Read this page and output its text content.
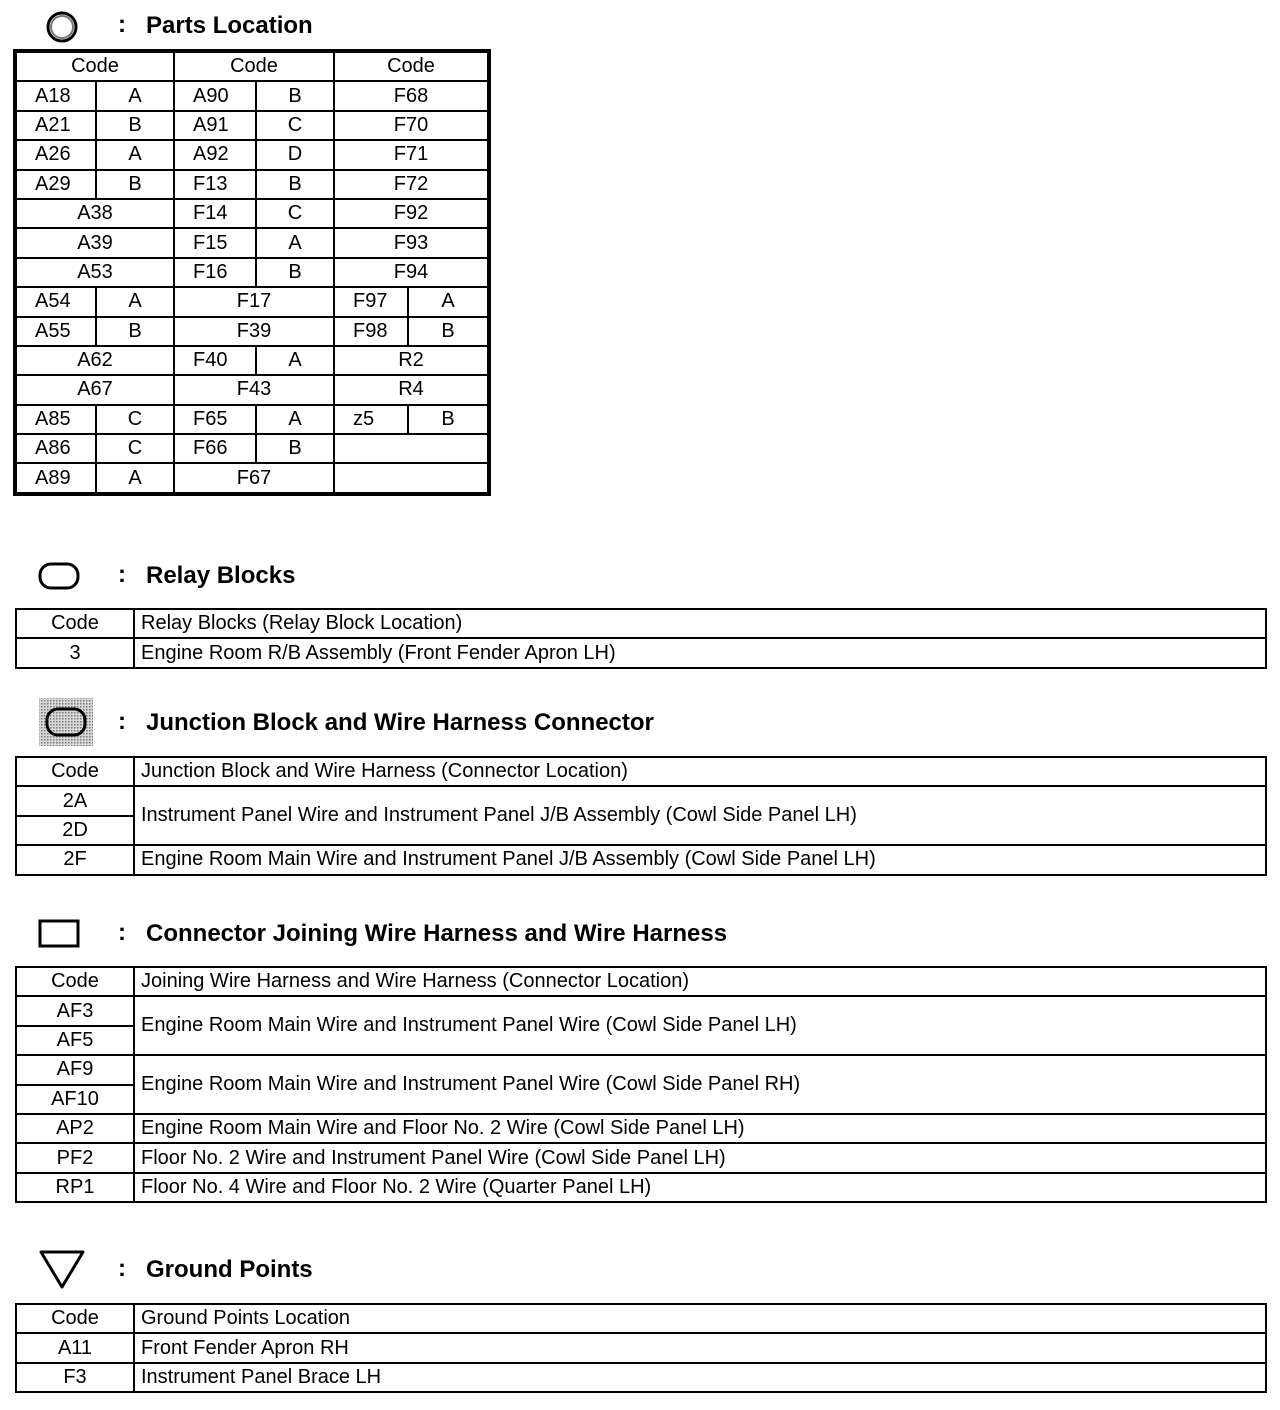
: Parts Location
Code		Code		Code	
A18	A	A90	B	F68	
A21	B	A91	C	F70	
A26	A	A92	D	F71	
A29	B	F13	B	F72	
A38		F14	C	F92	
A39		F15	A	F93	
A53		F16	B	F94	
A54	A	F17		F97	A
A55	B	F39		F98	B
A62		F40	A	R2	
A67		F43		R4	
A85	C	F65	A	z5	B
A86	C	F66	B		
A89	A	F67			
: Relay Blocks
Code	Relay Blocks (Relay Block Location)
3	Engine Room R/B Assembly (Front Fender Apron LH)
: Junction Block and Wire Harness Connector
Code	Junction Block and Wire Harness (Connector Location)
2A	Instrument Panel Wire and Instrument Panel J/B Assembly (Cowl Side Panel LH)
2D	
2F	Engine Room Main Wire and Instrument Panel J/B Assembly (Cowl Side Panel LH)
: Connector Joining Wire Harness and Wire Harness
Code	Joining Wire Harness and Wire Harness (Connector Location)
AF3	Engine Room Main Wire and Instrument Panel Wire (Cowl Side Panel LH)
AF5	
AF9	Engine Room Main Wire and Instrument Panel Wire (Cowl Side Panel RH)
AF10	
AP2	Engine Room Main Wire and Floor No. 2 Wire (Cowl Side Panel LH)
PF2	Floor No. 2 Wire and Instrument Panel Wire (Cowl Side Panel LH)
RP1	Floor No. 4 Wire and Floor No. 2 Wire (Quarter Panel LH)
: Ground Points
Code	Ground Points Location
A11	Front Fender Apron RH
F3	Instrument Panel Brace LH
